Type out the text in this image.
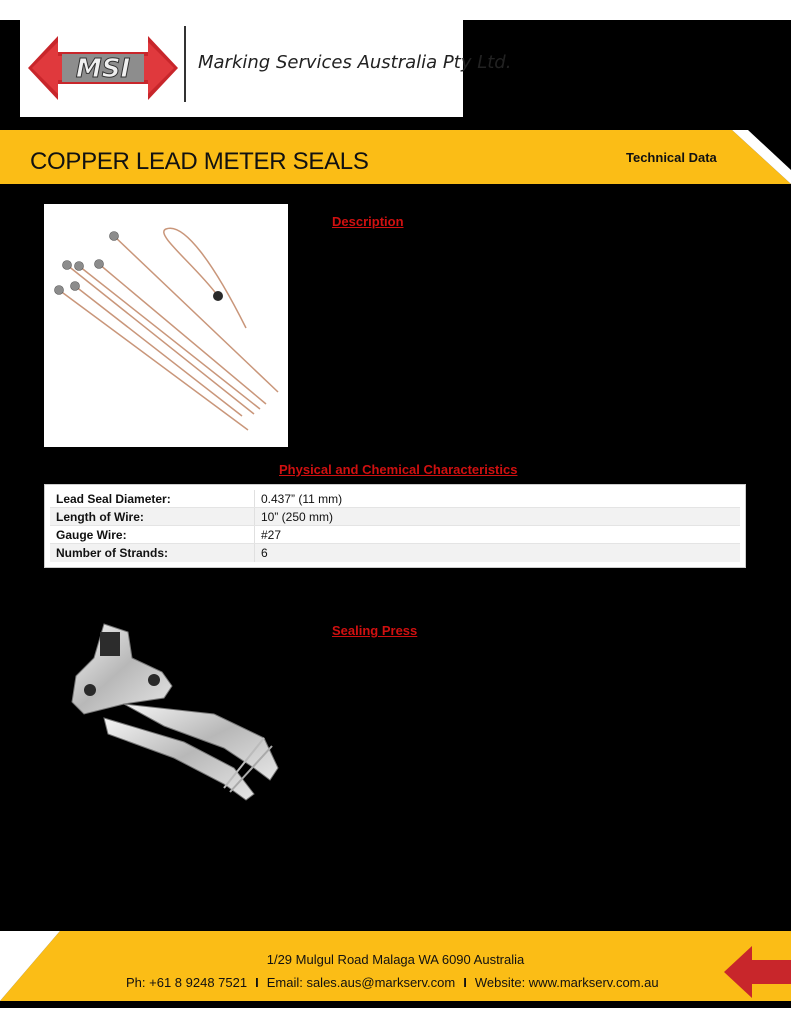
MSI	Marking Services Australia Pty Ltd.
COPPER LEAD METER SEALS	Technical Data
Description
Physical and Chemical Characteristics
Lead Seal Diameter:	0.437” (11 mm)
Length of Wire:	10” (250 mm)
Gauge Wire:	#27
Number of Strands:	6
Sealing Press
1/29 Mulgul Road Malaga WA 6090 Australia
Ph: +61 8 9248 7521 I Email: sales.aus@markserv.com I Website: www.markserv.com.au
